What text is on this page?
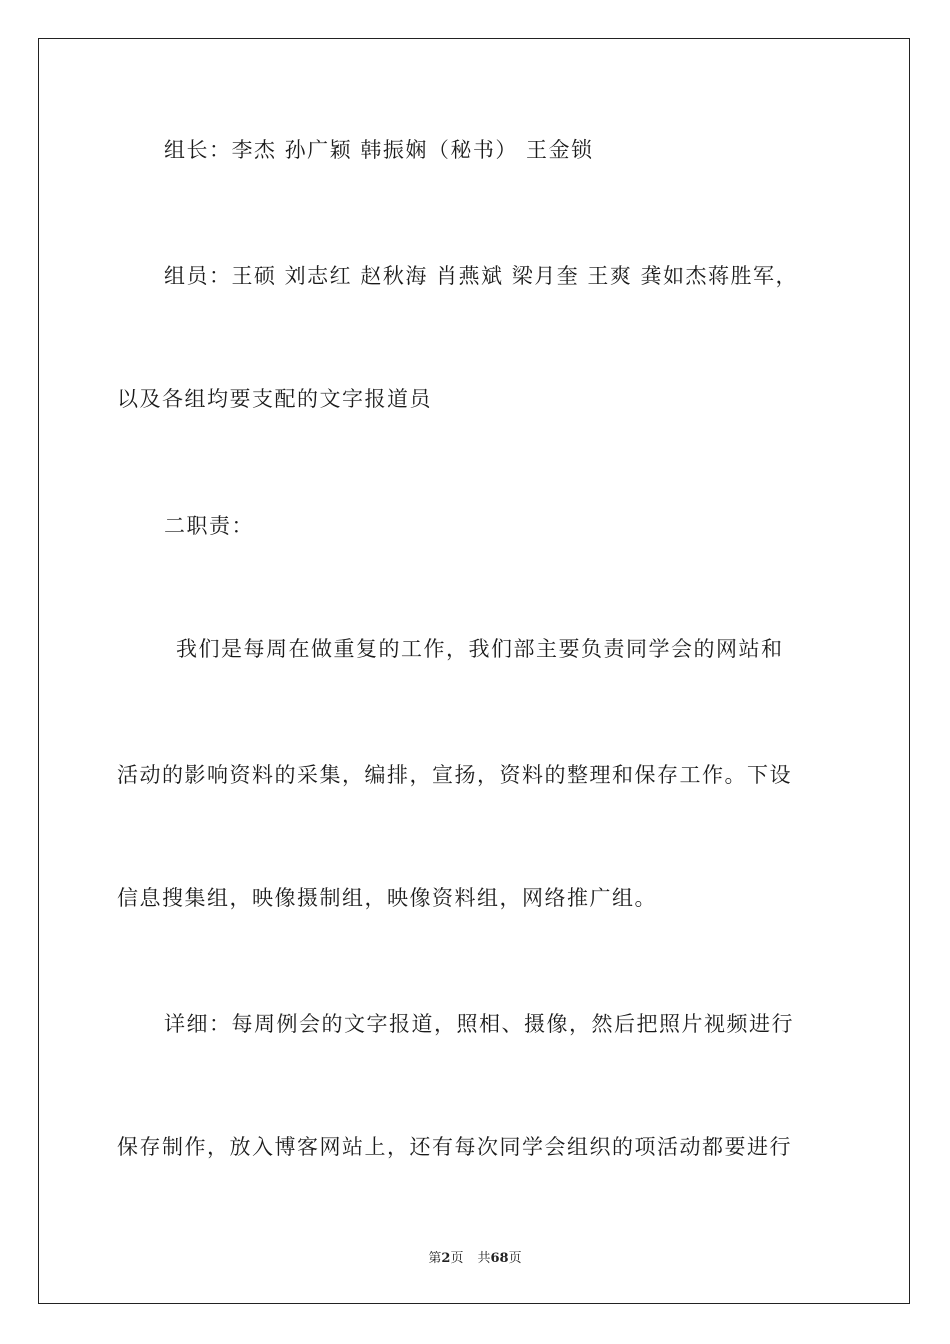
组长：李杰 孙广颖 韩振娴（秘书） 王金锁
组员：王硕 刘志红 赵秋海 肖燕斌 梁月奎 王爽 龚如杰蒋胜军，
以及各组均要支配的文字报道员
二职责：
我们是每周在做重复的工作，我们部主要负责同学会的网站和
活动的影响资料的采集，编排，宣扬，资料的整理和保存工作。下设
信息搜集组，映像摄制组，映像资料组，网络推广组。
详细：每周例会的文字报道，照相、摄像，然后把照片视频进行
保存制作，放入博客网站上，还有每次同学会组织的项活动都要进行
第2页 共68页
